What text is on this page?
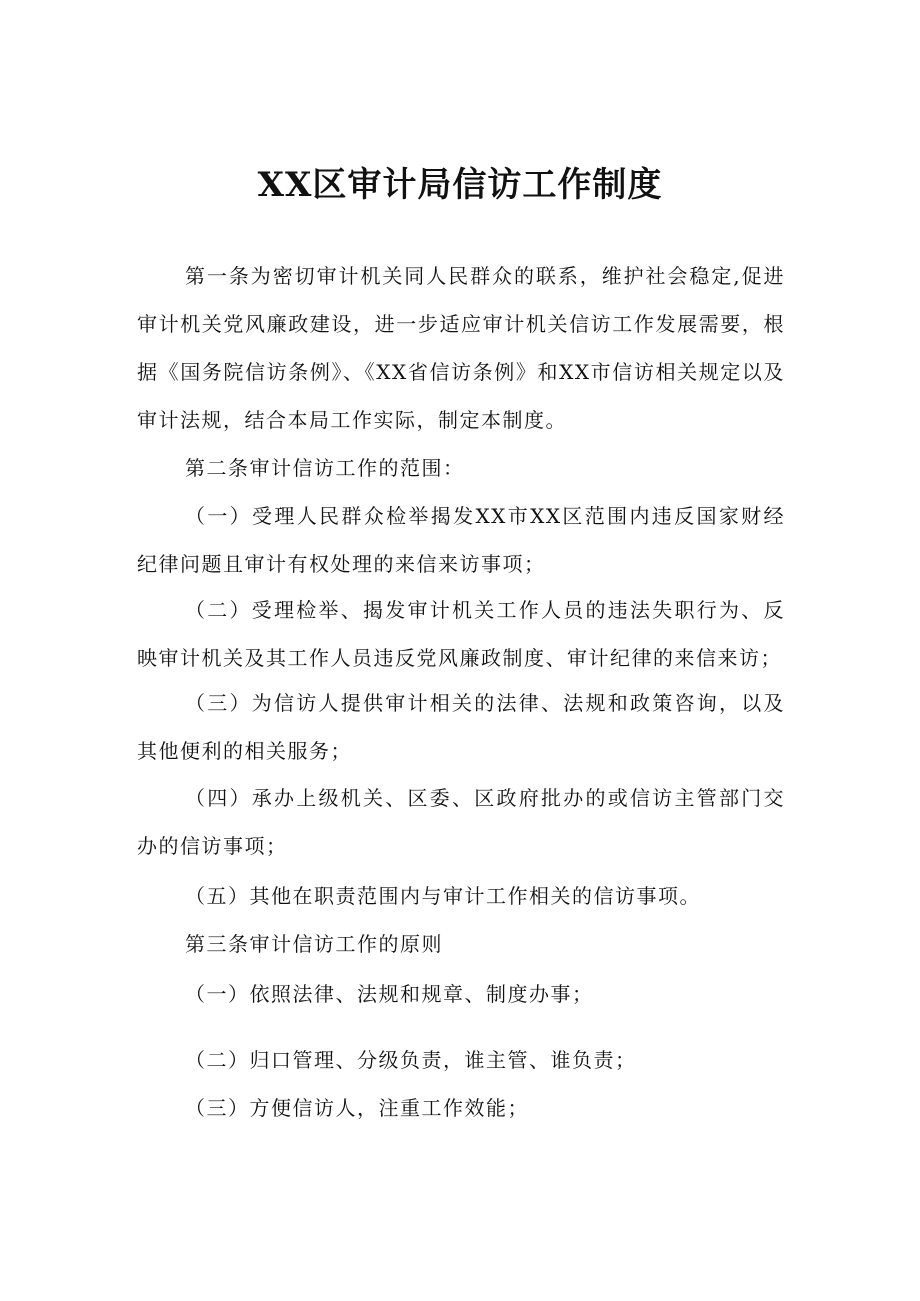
XX区审计局信访工作制度

第一条为密切审计机关同人民群众的联系，维护社会稳定,促进审计机关党风廉政建设，进一步适应审计机关信访工作发展需要，根据《国务院信访条例》、《XX省信访条例》和XX市信访相关规定以及审计法规，结合本局工作实际，制定本制度。

第二条审计信访工作的范围：

（一）受理人民群众检举揭发XX市XX区范围内违反国家财经纪律问题且审计有权处理的来信来访事项；

（二）受理检举、揭发审计机关工作人员的违法失职行为、反映审计机关及其工作人员违反党风廉政制度、审计纪律的来信来访；

（三）为信访人提供审计相关的法律、法规和政策咨询，以及其他便利的相关服务；

（四）承办上级机关、区委、区政府批办的或信访主管部门交办的信访事项；

（五）其他在职责范围内与审计工作相关的信访事项。

第三条审计信访工作的原则

（一）依照法律、法规和规章、制度办事；

（二）归口管理、分级负责，谁主管、谁负责；

（三）方便信访人，注重工作效能；
